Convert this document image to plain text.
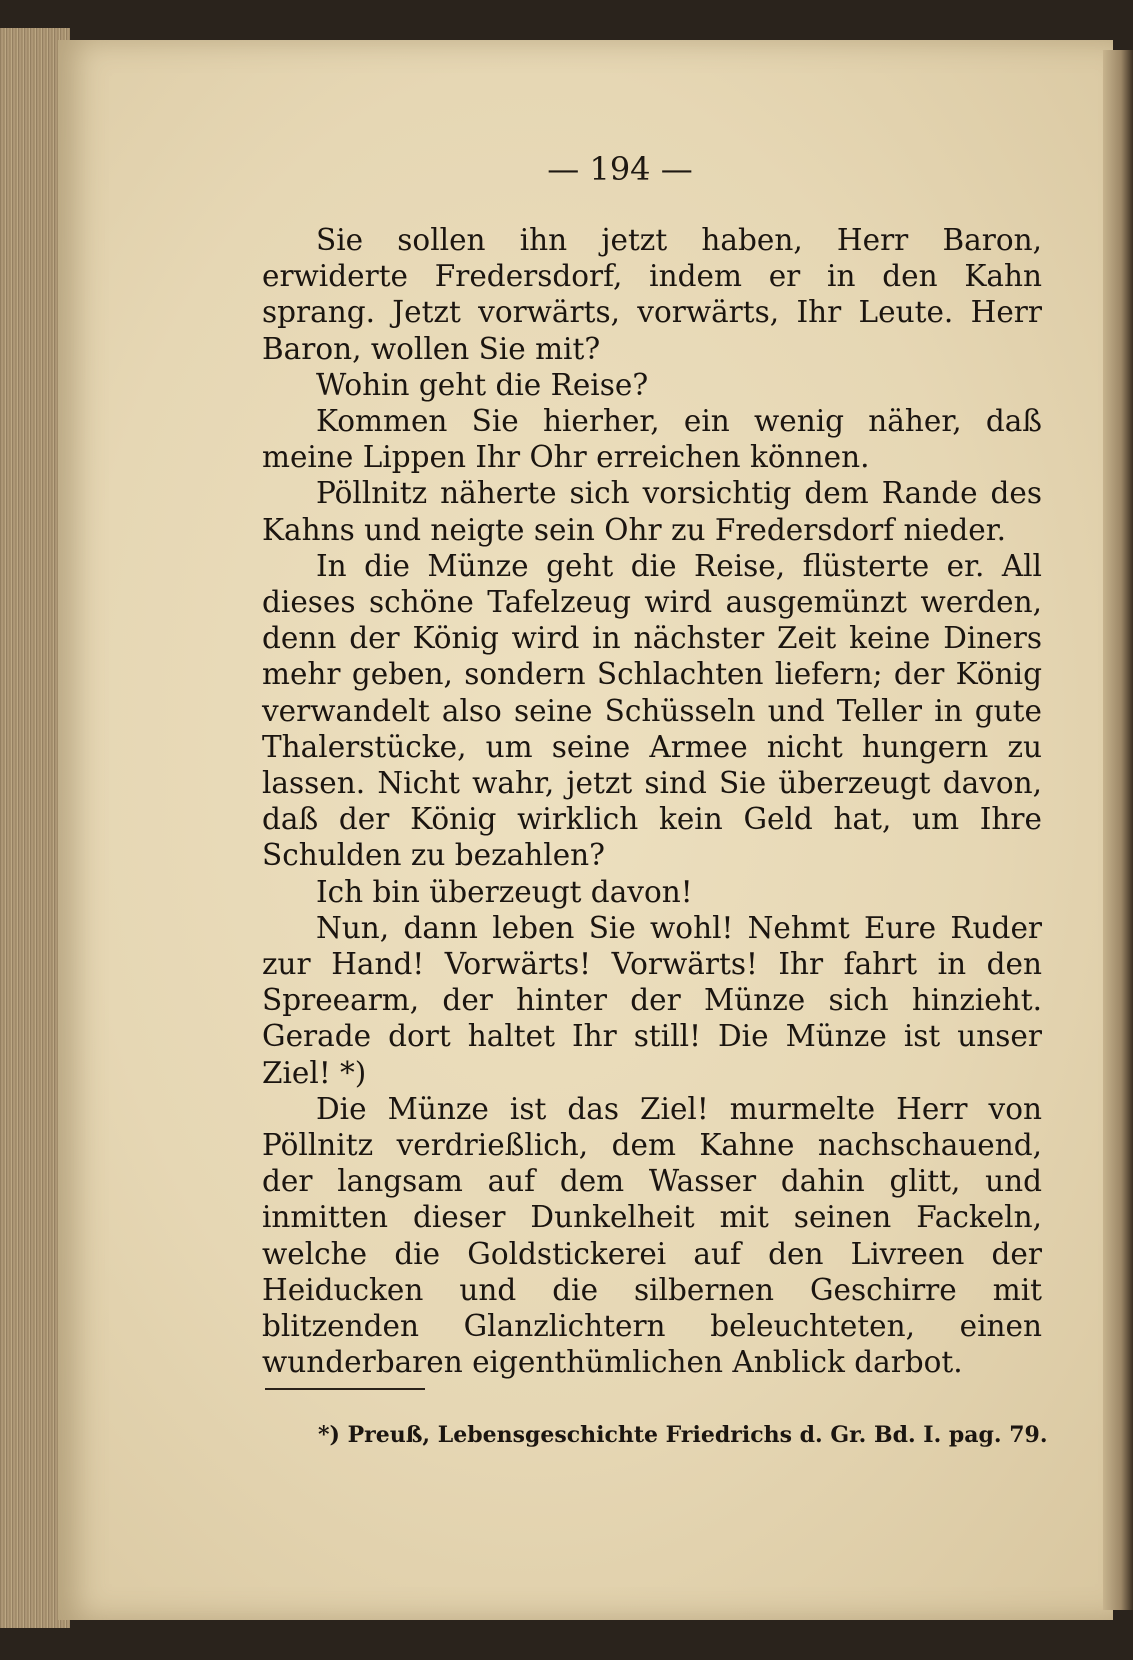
— 194 —

Sie sollen ihn jetzt haben, Herr Baron, erwiderte Fredersdorf, indem er in den Kahn sprang. Jetzt vorwärts, vorwärts, Ihr Leute. Herr Baron, wollen Sie mit?

Wohin geht die Reise?

Kommen Sie hierher, ein wenig näher, daß meine Lippen Ihr Ohr erreichen können.

Pöllnitz näherte sich vorsichtig dem Rande des Kahns und neigte sein Ohr zu Fredersdorf nieder.

In die Münze geht die Reise, flüsterte er. All dieses schöne Tafelzeug wird ausgemünzt werden, denn der König wird in nächster Zeit keine Diners mehr geben, sondern Schlachten liefern; der König verwandelt also seine Schüsseln und Teller in gute Thalerstücke, um seine Armee nicht hungern zu lassen. Nicht wahr, jetzt sind Sie überzeugt davon, daß der König wirklich kein Geld hat, um Ihre Schulden zu bezahlen?

Ich bin überzeugt davon!

Nun, dann leben Sie wohl! Nehmt Eure Ruder zur Hand! Vorwärts! Vorwärts! Ihr fahrt in den Spreearm, der hinter der Münze sich hinzieht. Gerade dort haltet Ihr still! Die Münze ist unser Ziel! *)

Die Münze ist das Ziel! murmelte Herr von Pöllnitz verdrießlich, dem Kahne nachschauend, der langsam auf dem Wasser dahin glitt, und inmitten dieser Dunkelheit mit seinen Fackeln, welche die Goldstickerei auf den Livreen der Heiducken und die silbernen Geschirre mit blitzenden Glanzlichtern beleuchteten, einen wunderbaren eigenthümlichen Anblick darbot.

*) Preuß, Lebensgeschichte Friedrichs d. Gr. Bd. I. pag. 79.
